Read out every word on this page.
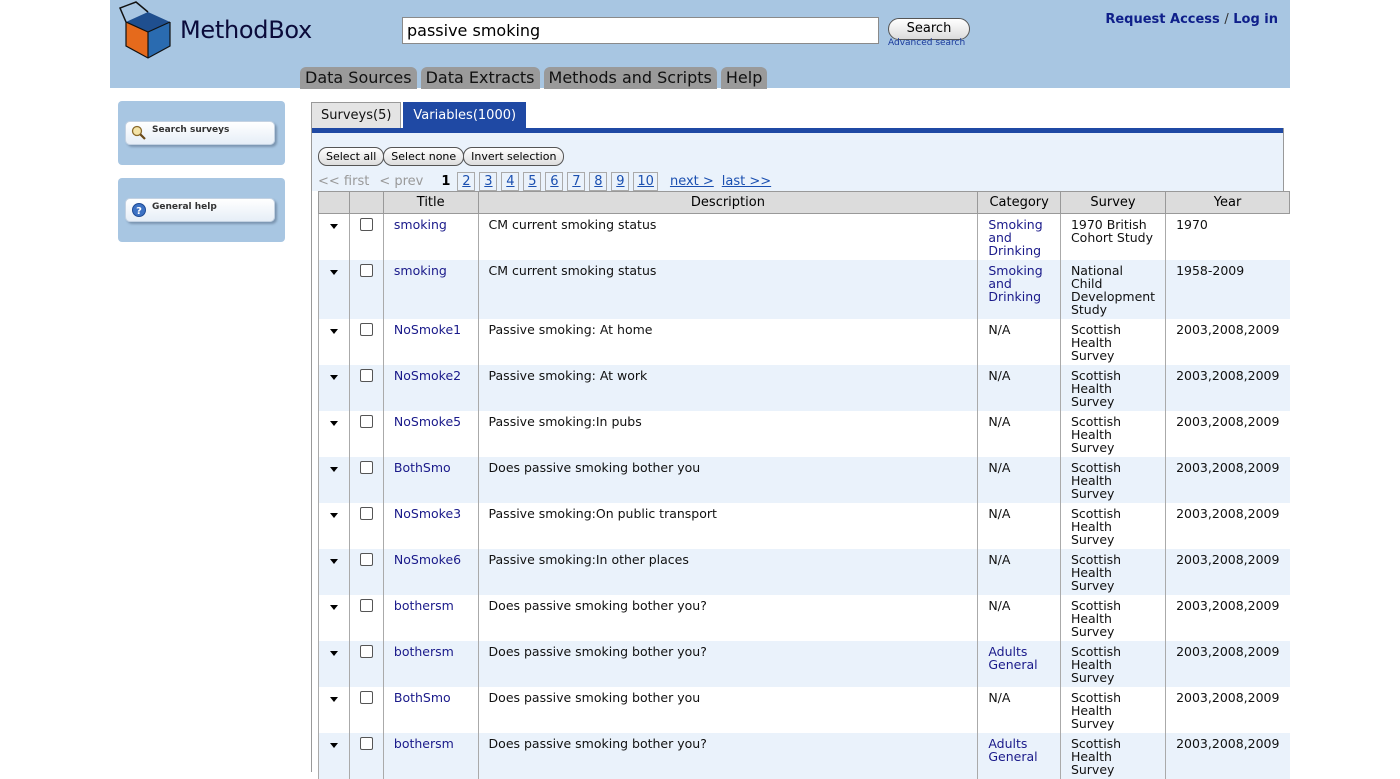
MethodBox
passive smoking	Search
Advanced search
Request Access / Log in
Data Sources Data Extracts Methods and Scripts Help
Search surveys
? General help
Surveys(5)	Variables(1000)
Select all	Select none	Invert selection
<< first < prev 1 2	3	4	5	6	7	8	9 10	next > last >>
		Title	Description	Category	Survey	Year
		smoking	CM current smoking status	Smoking and Drinking	1970 British Cohort Study	1970
		smoking	CM current smoking status	Smoking and Drinking	National Child Development Study	1958-2009
		NoSmoke1	Passive smoking: At home	N/A	Scottish Health Survey	2003,2008,2009
		NoSmoke2	Passive smoking: At work	N/A	Scottish Health Survey	2003,2008,2009
		NoSmoke5	Passive smoking:In pubs	N/A	Scottish Health Survey	2003,2008,2009
		BothSmo	Does passive smoking bother you	N/A	Scottish Health Survey	2003,2008,2009
		NoSmoke3	Passive smoking:On public transport	N/A	Scottish Health Survey	2003,2008,2009
		NoSmoke6	Passive smoking:In other places	N/A	Scottish Health Survey	2003,2008,2009
		bothersm	Does passive smoking bother you?	N/A	Scottish Health Survey	2003,2008,2009
		bothersm	Does passive smoking bother you?	Adults General	Scottish Health Survey	2003,2008,2009
		BothSmo	Does passive smoking bother you	N/A	Scottish Health Survey	2003,2008,2009
		bothersm	Does passive smoking bother you?	Adults General	Scottish Health Survey	2003,2008,2009
